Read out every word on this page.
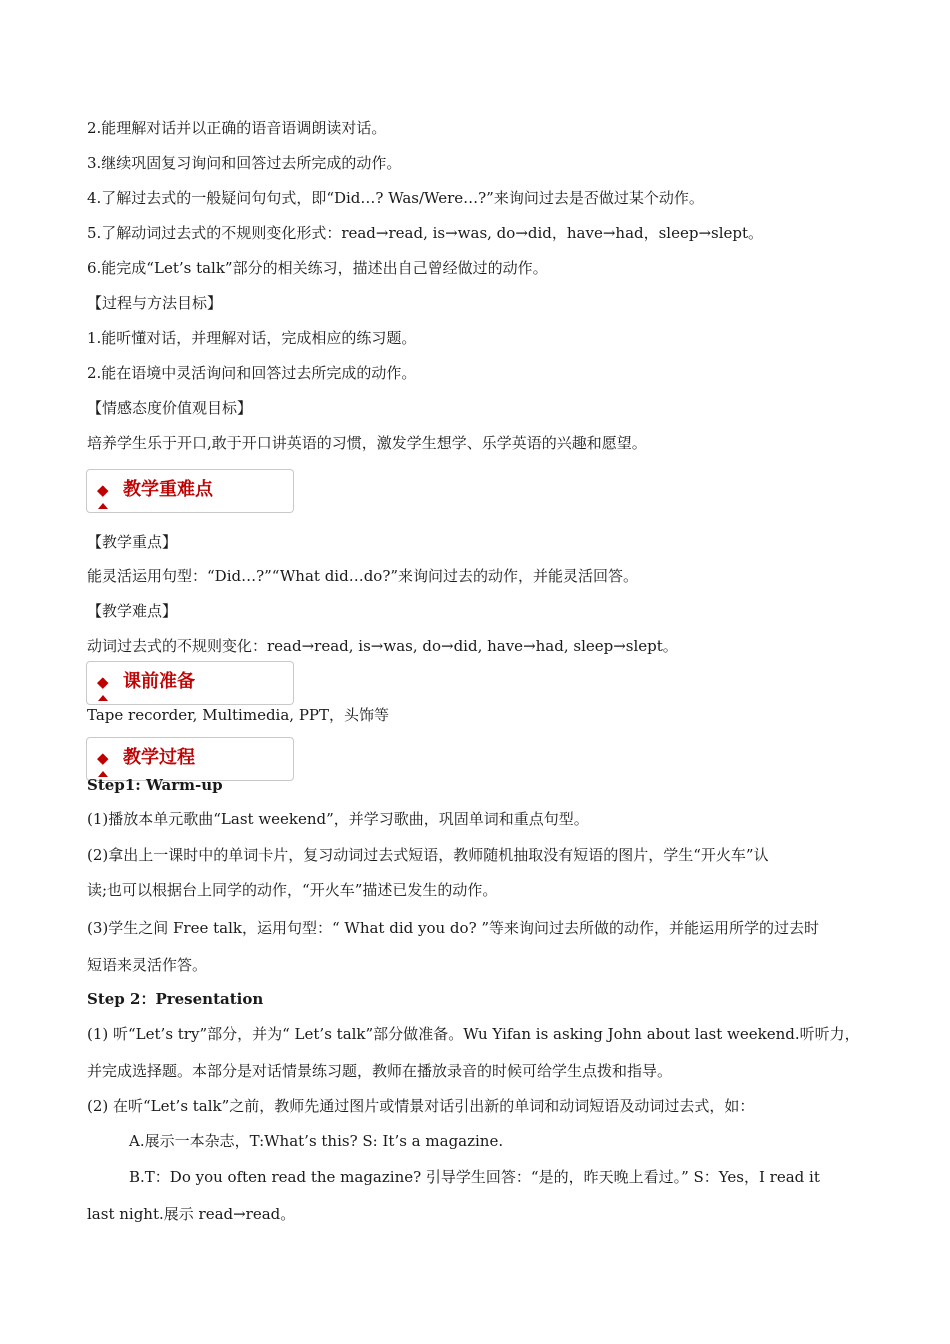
2.能理解对话并以正确的语音语调朗读对话。
3.继续巩固复习询问和回答过去所完成的动作。
4.了解过去式的一般疑问句句式，即“Did…? Was/Were…?”来询问过去是否做过某个动作。
5.了解动词过去式的不规则变化形式：read→read, is→was, do→did，have→had，sleep→slept。
6.能完成“Let’s talk”部分的相关练习，描述出自己曾经做过的动作。
【过程与方法目标】
1.能听懂对话，并理解对话，完成相应的练习题。
2.能在语境中灵活询问和回答过去所完成的动作。
【情感态度价值观目标】
培养学生乐于开口,敢于开口讲英语的习惯，激发学生想学、乐学英语的兴趣和愿望。
◆ 教学重难点
【教学重点】
能灵活运用句型：“Did…?”“What did…do?”来询问过去的动作，并能灵活回答。
【教学难点】
动词过去式的不规则变化：read→read, is→was, do→did, have→had, sleep→slept。
◆ 课前准备
Tape recorder, Multimedia, PPT，头饰等
◆ 教学过程
Step1: Warm-up
(1)播放本单元歌曲“Last weekend”，并学习歌曲，巩固单词和重点句型。
(2)拿出上一课时中的单词卡片，复习动词过去式短语，教师随机抽取没有短语的图片，学生“开火车”认
读;也可以根据台上同学的动作，“开火车”描述已发生的动作。
(3)学生之间 Free talk，运用句型：“ What did you do? ”等来询问过去所做的动作，并能运用所学的过去时
短语来灵活作答。
Step 2：Presentation
(1) 听“Let’s try”部分，并为“ Let’s talk”部分做准备。Wu Yifan is asking John about last weekend.听听力，
并完成选择题。本部分是对话情景练习题，教师在播放录音的时候可给学生点拨和指导。
(2) 在听“Let’s talk”之前，教师先通过图片或情景对话引出新的单词和动词短语及动词过去式，如：
A.展示一本杂志，T:What’s this? S: It’s a magazine.
B.T：Do you often read the magazine? 引导学生回答：“是的，昨天晚上看过。” S：Yes，I read it
last night.展示 read→read。
